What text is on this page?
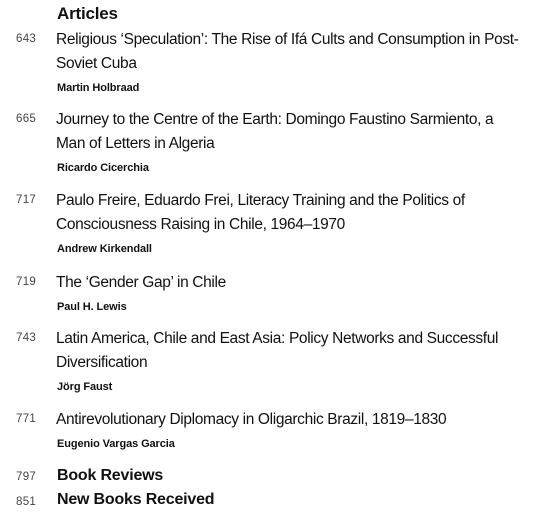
Articles
643 Religious ‘Speculation’: The Rise of Ifá Cults and Consumption in Post-
Soviet Cuba
Martin Holbraad
665 Journey to the Centre of the Earth: Domingo Faustino Sarmiento, a
Man of Letters in Algeria
Ricardo Cicerchia
717 Paulo Freire, Eduardo Frei, Literacy Training and the Politics of
Consciousness Raising in Chile, 1964–1970
Andrew Kirkendall
719 The ‘Gender Gap’ in Chile
Paul H. Lewis
743 Latin America, Chile and East Asia: Policy Networks and Successful
Diversification
Jörg Faust
771 Antirevolutionary Diplomacy in Oligarchic Brazil, 1819–1830
Eugenio Vargas Garcia
797 Book Reviews
851 New Books Received
